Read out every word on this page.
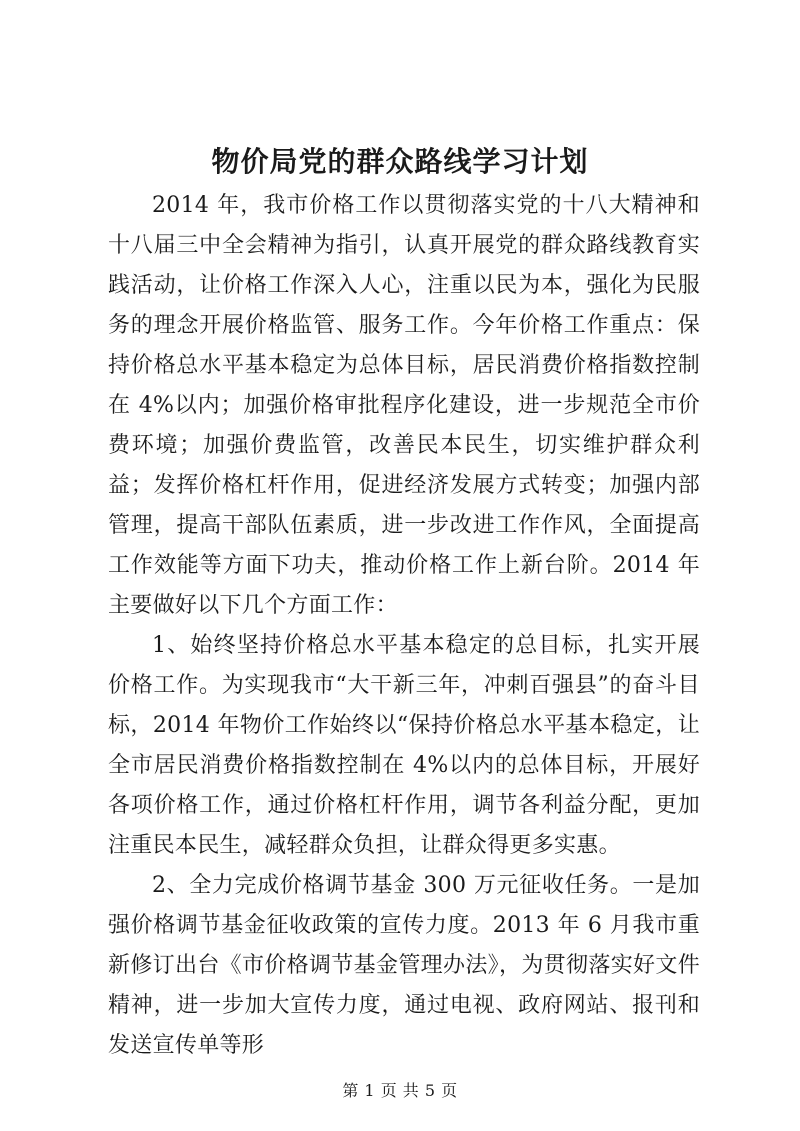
物价局党的群众路线学习计划

2014 年，我市价格工作以贯彻落实党的十八大精神和十八届三中全会精神为指引，认真开展党的群众路线教育实践活动，让价格工作深入人心，注重以民为本，强化为民服务的理念开展价格监管、服务工作。今年价格工作重点：保持价格总水平基本稳定为总体目标，居民消费价格指数控制在 4%以内；加强价格审批程序化建设，进一步规范全市价费环境；加强价费监管，改善民本民生，切实维护群众利益；发挥价格杠杆作用，促进经济发展方式转变；加强内部管理，提高干部队伍素质，进一步改进工作作风，全面提高工作效能等方面下功夫，推动价格工作上新台阶。2014 年主要做好以下几个方面工作：

1、始终坚持价格总水平基本稳定的总目标，扎实开展价格工作。为实现我市“大干新三年，冲刺百强县”的奋斗目标，2014 年物价工作始终以“保持价格总水平基本稳定，让全市居民消费价格指数控制在 4%以内的总体目标，开展好各项价格工作，通过价格杠杆作用，调节各利益分配，更加注重民本民生，减轻群众负担，让群众得更多实惠。

2、全力完成价格调节基金 300 万元征收任务。一是加强价格调节基金征收政策的宣传力度。2013 年 6 月我市重新修订出台《市价格调节基金管理办法》，为贯彻落实好文件精神，进一步加大宣传力度，通过电视、政府网站、报刊和发送宣传单等形

第 1 页 共 5 页
